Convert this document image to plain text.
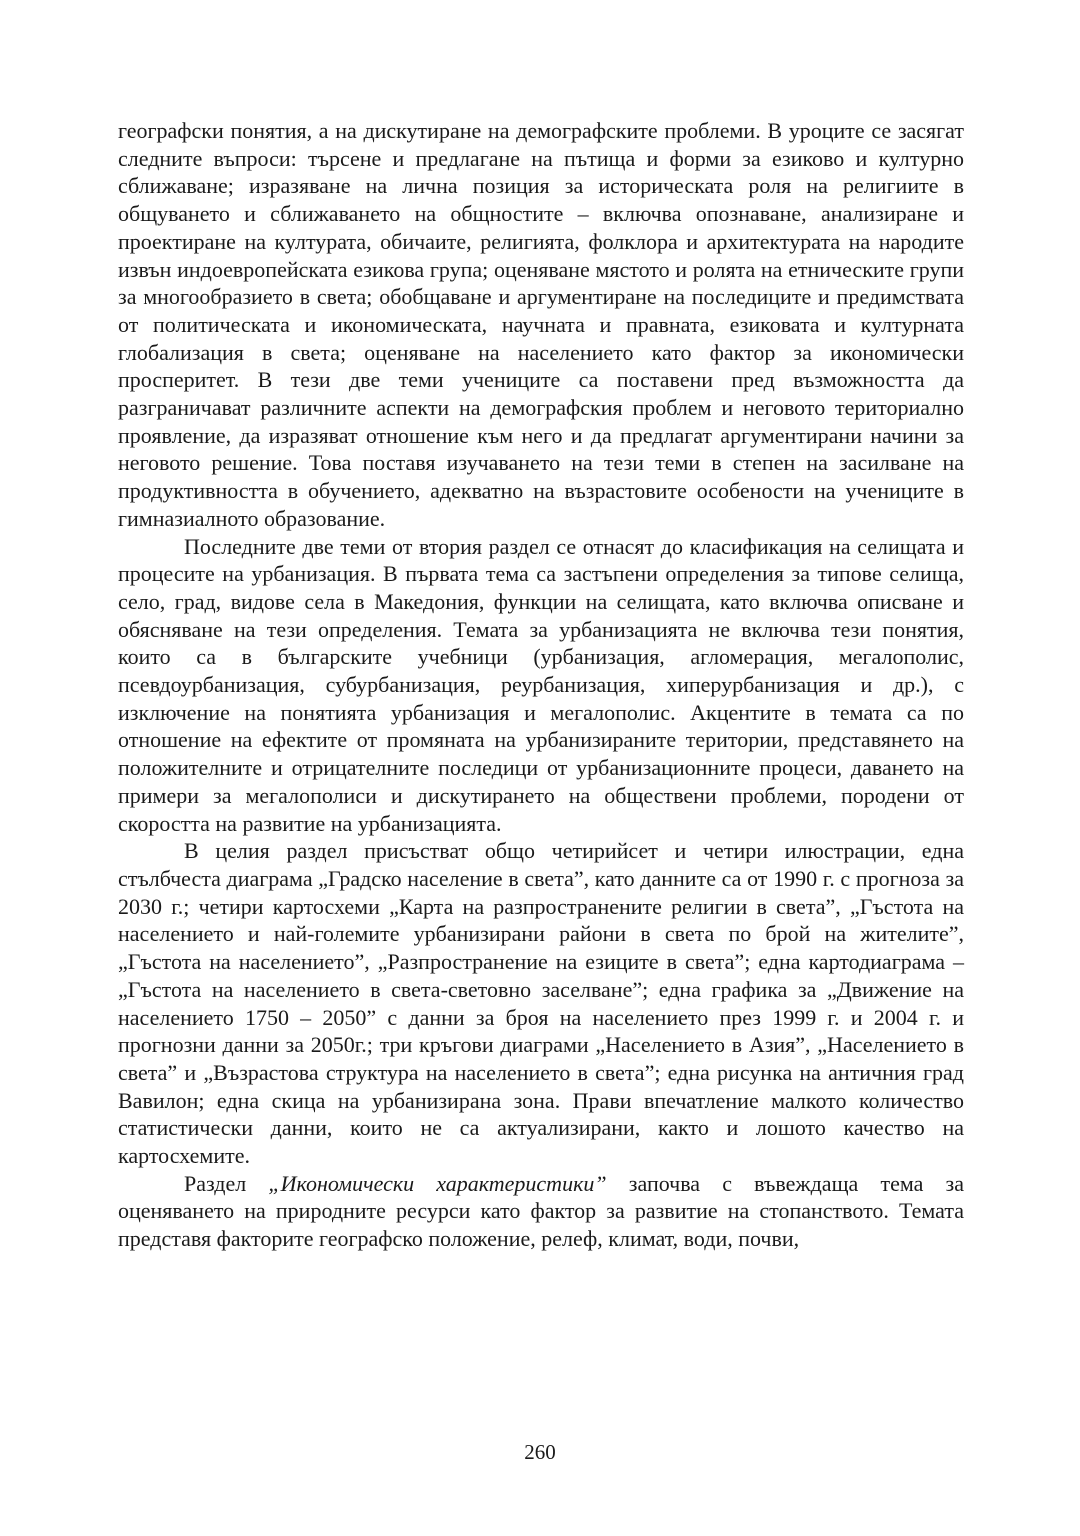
географски понятия, а на дискутиране на демографските проблеми. В уроците се засягат следните въпроси: търсене и предлагане на пътища и форми за езиково и културно сближаване; изразяване на лична позиция за историческата роля на религиите в общуването и сближаването на общностите – включва опознаване, анализиране и проектиране на културата, обичаите, религията, фолклора и архитектурата на народите извън индоевропейската езикова група; оценяване мястото и ролята на етническите групи за многообразието в света; обобщаване и аргументиране на последиците и предимствата от политическата и икономическата, научната и правната, езиковата и културната глобализация в света; оценяване на населението като фактор за икономически просперитет. В тези две теми учениците са поставени пред възможността да разграничават различните аспекти на демографския проблем и неговото териториално проявление, да изразяват отношение към него и да предлагат аргументирани начини за неговото решение. Това поставя изучаването на тези теми в степен на засилване на продуктивността в обучението, адекватно на възрастовите особености на учениците в гимназиалното образование.

Последните две теми от втория раздел се отнасят до класификация на селищата и процесите на урбанизация. В първата тема са застъпени определения за типове селища, село, град, видове села в Македония, функции на селищата, като включва описване и обясняване на тези определения. Темата за урбанизацията не включва тези понятия, които са в българските учебници (урбанизация, агломерация, мегалополис, псевдоурбанизация, субурбанизация, реурбанизация, хиперурбанизация и др.), с изключение на понятията урбанизация и мегалополис. Акцентите в темата са по отношение на ефектите от промяната на урбанизираните територии, представянето на положителните и отрицателните последици от урбанизационните процеси, даването на примери за мегалополиси и дискутирането на обществени проблеми, породени от скоростта на развитие на урбанизацията.

В целия раздел присъстват общо четирийсет и четири илюстрации, една стълбчеста диаграма „Градско население в света”, като данните са от 1990 г. с прогноза за 2030 г.; четири картосхеми „Карта на разпространените религии в света”, „Гъстота на населението и най-големите урбанизирани райони в света по брой на жителите”, „Гъстота на населението”, „Разпространение на езиците в света”; една картодиаграма – „Гъстота на населението в света-световно заселване”; една графика за „Движение на населението 1750 – 2050” с данни за броя на населението през 1999 г. и 2004 г. и прогнозни данни за 2050г.; три кръгови диаграми „Населението в Азия”, „Населението в света” и „Възрастова структура на населението в света”; една рисунка на античния град Вавилон; една скица на урбанизирана зона. Прави впечатление малкото количество статистически данни, които не са актуализирани, както и лошото качество на картосхемите.

Раздел „Икономически характеристики” започва с въвеждаща тема за оценяването на природните ресурси като фактор за развитие на стопанството. Темата представя факторите географско положение, релеф, климат, води, почви,

260
